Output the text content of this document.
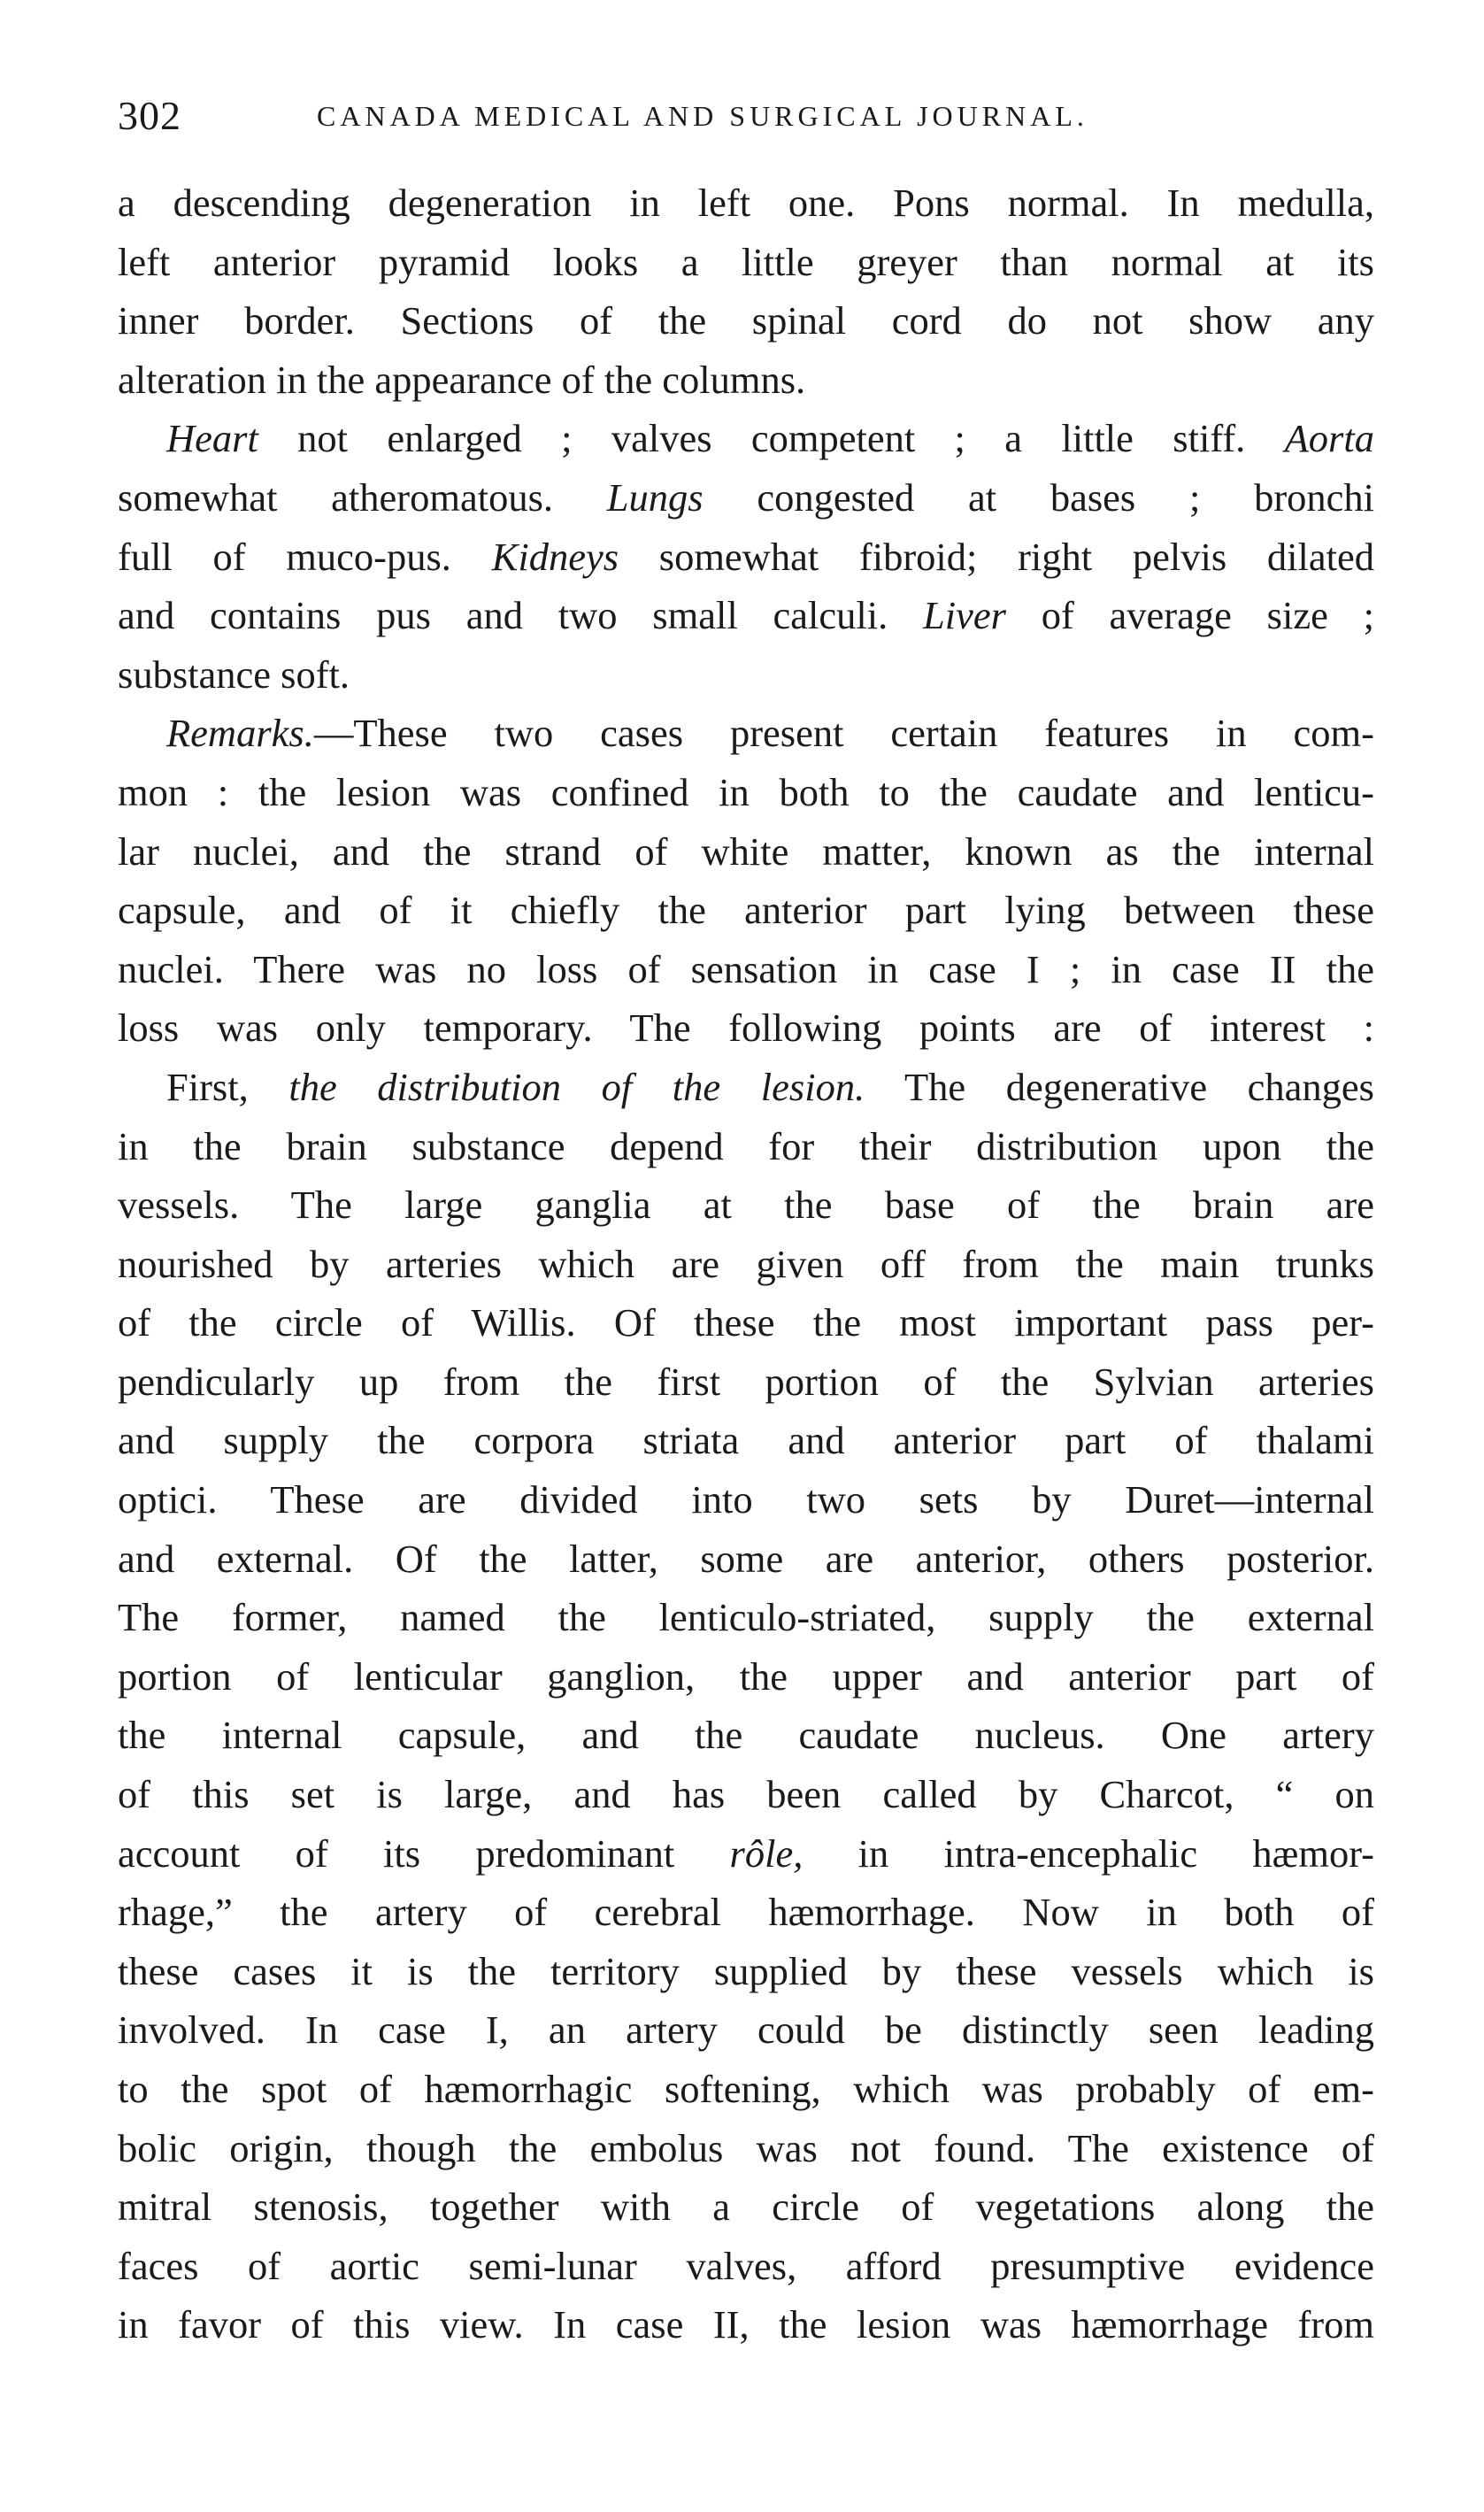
302	CANADA MEDICAL AND SURGICAL JOURNAL.
a descending degeneration in left one. Pons normal. In medulla,
left anterior pyramid looks a little greyer than normal at its
inner border. Sections of the spinal cord do not show any
alteration in the appearance of the columns.
Heart not enlarged ; valves competent ; a little stiff. Aorta
somewhat atheromatous. Lungs congested at bases ; bronchi
full of muco-pus. Kidneys somewhat fibroid; right pelvis dilated
and contains pus and two small calculi. Liver of average size ;
substance soft.
Remarks.—These two cases present certain features in com-
mon : the lesion was confined in both to the caudate and lenticu-
lar nuclei, and the strand of white matter, known as the internal
capsule, and of it chiefly the anterior part lying between these
nuclei. There was no loss of sensation in case I ; in case II the
loss was only temporary. The following points are of interest :
First, the distribution of the lesion. The degenerative changes
in the brain substance depend for their distribution upon the
vessels. The large ganglia at the base of the brain are
nourished by arteries which are given off from the main trunks
of the circle of Willis. Of these the most important pass per-
pendicularly up from the first portion of the Sylvian arteries
and supply the corpora striata and anterior part of thalami
optici. These are divided into two sets by Duret—internal
and external. Of the latter, some are anterior, others posterior.
The former, named the lenticulo-striated, supply the external
portion of lenticular ganglion, the upper and anterior part of
the internal capsule, and the caudate nucleus. One artery
of this set is large, and has been called by Charcot, “ on
account of its predominant rôle, in intra-encephalic hæmor-
rhage,” the artery of cerebral hæmorrhage. Now in both of
these cases it is the territory supplied by these vessels which is
involved. In case I, an artery could be distinctly seen leading
to the spot of hæmorrhagic softening, which was probably of em-
bolic origin, though the embolus was not found. The existence of
mitral stenosis, together with a circle of vegetations along the
faces of aortic semi-lunar valves, afford presumptive evidence
in favor of this view. In case II, the lesion was hæmorrhage from
